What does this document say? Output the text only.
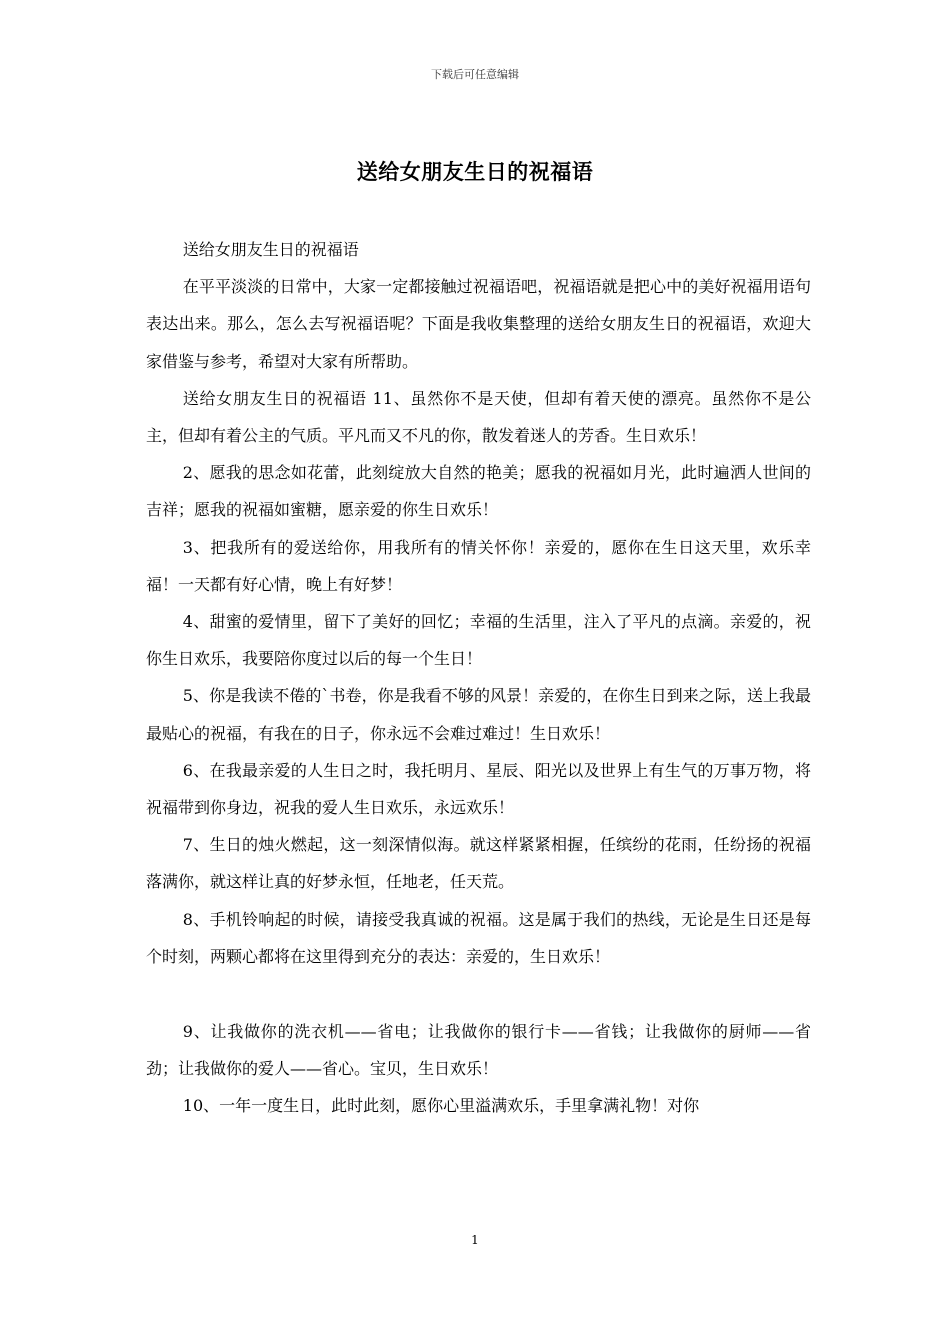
下载后可任意编辑
送给女朋友生日的祝福语

送给女朋友生日的祝福语

在平平淡淡的日常中，大家一定都接触过祝福语吧，祝福语就是把心中的美好祝福用语句表达出来。那么，怎么去写祝福语呢？下面是我收集整理的送给女朋友生日的祝福语，欢迎大家借鉴与参考，希望对大家有所帮助。

送给女朋友生日的祝福语 11、虽然你不是天使，但却有着天使的漂亮。虽然你不是公主，但却有着公主的气质。平凡而又不凡的你，散发着迷人的芳香。生日欢乐！

2、愿我的思念如花蕾，此刻绽放大自然的艳美；愿我的祝福如月光，此时遍洒人世间的吉祥；愿我的祝福如蜜糖，愿亲爱的你生日欢乐！

3、把我所有的爱送给你，用我所有的情关怀你！亲爱的，愿你在生日这天里，欢乐幸福！一天都有好心情，晚上有好梦！

4、甜蜜的爱情里，留下了美好的回忆；幸福的生活里，注入了平凡的点滴。亲爱的，祝你生日欢乐，我要陪你度过以后的每一个生日！

5、你是我读不倦的`书卷，你是我看不够的风景！亲爱的，在你生日到来之际，送上我最最贴心的祝福，有我在的日子，你永远不会难过难过！生日欢乐！

6、在我最亲爱的人生日之时，我托明月、星辰、阳光以及世界上有生气的万事万物，将祝福带到你身边，祝我的爱人生日欢乐，永远欢乐！

7、生日的烛火燃起，这一刻深情似海。就这样紧紧相握，任缤纷的花雨，任纷扬的祝福落满你，就这样让真的好梦永恒，任地老，任天荒。

8、手机铃响起的时候，请接受我真诚的祝福。这是属于我们的热线，无论是生日还是每个时刻，两颗心都将在这里得到充分的表达：亲爱的，生日欢乐！

9、让我做你的洗衣机——省电；让我做你的银行卡——省钱；让我做你的厨师——省劲；让我做你的爱人——省心。宝贝，生日欢乐！

10、一年一度生日，此时此刻，愿你心里溢满欢乐，手里拿满礼物！对你

1
